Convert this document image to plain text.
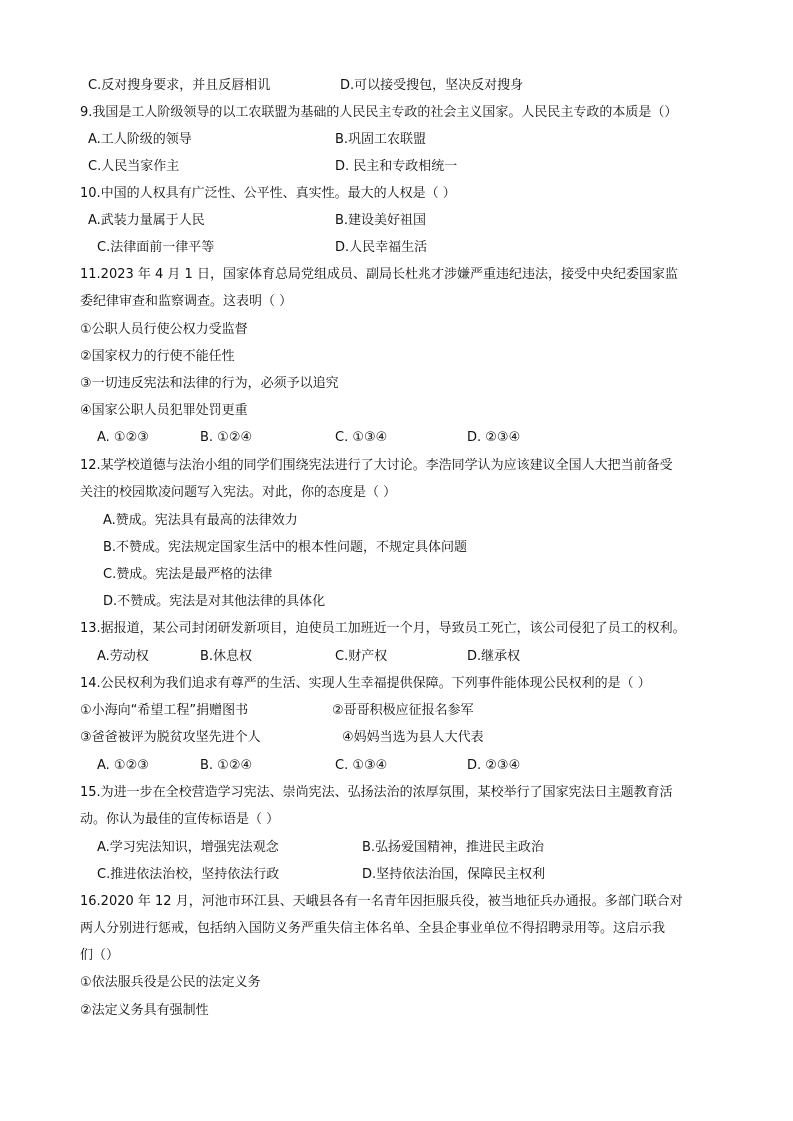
C.反对搜身要求，并且反唇相讥	D.可以接受搜包，坚决反对搜身
9.我国是工人阶级领导的以工农联盟为基础的人民民主专政的社会主义国家。人民民主专政的本质是（）
A.工人阶级的领导	B.巩固工农联盟
C.人民当家作主	D. 民主和专政相统一
10.中国的人权具有广泛性、公平性、真实性。最大的人权是（ ）
A.武装力量属于人民	B.建设美好祖国
C.法律面前一律平等	D.人民幸福生活
11.2023 年 4 月 1 日，国家体育总局党组成员、副局长杜兆才涉嫌严重违纪违法，接受中央纪委国家监
委纪律审查和监察调查。这表明（ ）
①公职人员行使公权力受监督
②国家权力的行使不能任性
③一切违反宪法和法律的行为，必须予以追究
④国家公职人员犯罪处罚更重
A. ①②③	B. ①②④	C. ①③④	D. ②③④
12.某学校道德与法治小组的同学们围绕宪法进行了大讨论。李浩同学认为应该建议全国人大把当前备受
关注的校园欺凌问题写入宪法。对此，你的态度是（ ）
A.赞成。宪法具有最高的法律效力
B.不赞成。宪法规定国家生活中的根本性问题，不规定具体问题
C.赞成。宪法是最严格的法律
D.不赞成。宪法是对其他法律的具体化
13.据报道，某公司封闭研发新项目，迫使员工加班近一个月，导致员工死亡，该公司侵犯了员工的权利。
A.劳动权	B.休息权	C.财产权	D.继承权
14.公民权利为我们追求有尊严的生活、实现人生幸福提供保障。下列事件能体现公民权利的是（ ）
①小海向“希望工程”捐赠图书	②哥哥积极应征报名参军
③爸爸被评为脱贫攻坚先进个人	④妈妈当选为县人大代表
A. ①②③	B. ①②④	C. ①③④	D. ②③④
15.为进一步在全校营造学习宪法、崇尚宪法、弘扬法治的浓厚氛围，某校举行了国家宪法日主题教育活
动。你认为最佳的宣传标语是（ ）
A.学习宪法知识，增强宪法观念	B.弘扬爱国精神，推进民主政治
C.推进依法治校，坚持依法行政	D.坚持依法治国，保障民主权利
16.2020 年 12 月，河池市环江县、天峨县各有一名青年因拒服兵役，被当地征兵办通报。多部门联合对
两人分别进行惩戒，包括纳入国防义务严重失信主体名单、全县企事业单位不得招聘录用等。这启示我
们（）
①依法服兵役是公民的法定义务
②法定义务具有强制性
